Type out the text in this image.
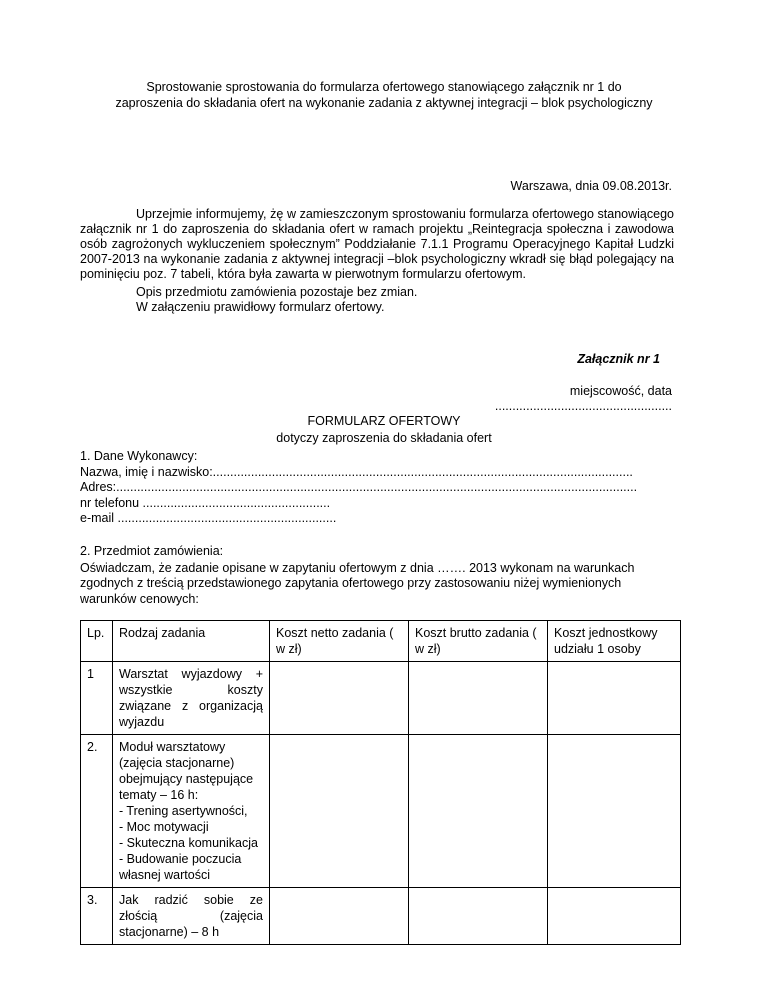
Sprostowanie sprostowania do formularza ofertowego stanowiącego załącznik nr 1 do
zaproszenia do składania ofert na wykonanie zadania z aktywnej integracji – blok psychologiczny
Warszawa, dnia 09.08.2013r.
Uprzejmie informujemy, żę w zamieszczonym sprostowaniu formularza ofertowego stanowiącego załącznik nr 1 do zaproszenia do składania ofert w ramach projektu „Reintegracja społeczna i zawodowa osób zagrożonych wykluczeniem społecznym” Poddziałanie 7.1.1 Programu Operacyjnego Kapitał Ludzki 2007-2013 na wykonanie zadania z aktywnej integracji –blok psychologiczny wkradł się błąd polegający na pominięciu poz. 7 tabeli, która była zawarta w pierwotnym formularzu ofertowym.
Opis przedmiotu zamówienia pozostaje bez zmian.
W załączeniu prawidłowy formularz ofertowy.
Załącznik nr 1
miejscowość, data
...................................................
FORMULARZ OFERTOWY
dotyczy zaproszenia do składania ofert
1. Dane Wykonawcy:
Nazwa, imię i nazwisko:.........................................................................................................................
Adres:......................................................................................................................................................
nr telefonu ......................................................
e-mail ...............................................................
2. Przedmiot zamówienia:
Oświadczam, że zadanie opisane w zapytaniu ofertowym z dnia ……. 2013 wykonam na warunkach
zgodnych z treścią przedstawionego zapytania ofertowego przy zastosowaniu niżej wymienionych
warunków cenowych:
Lp.	Rodzaj zadania	Koszt netto zadania ( w zł)	Koszt brutto zadania ( w zł)	Koszt jednostkowy udziału 1 osoby
1	Warsztat wyjazdowy + wszystkie koszty związane z organizacją wyjazdu			

2.	Moduł warsztatowy (zajęcia stacjonarne) obejmujący następujące tematy – 16 h:
- Trening asertywności,
- Moc motywacji
- Skuteczna komunikacja
- Budowanie poczucia własnej wartości			

3.	Jak radzić sobie ze złością (zajęcia stacjonarne) – 8 h			
